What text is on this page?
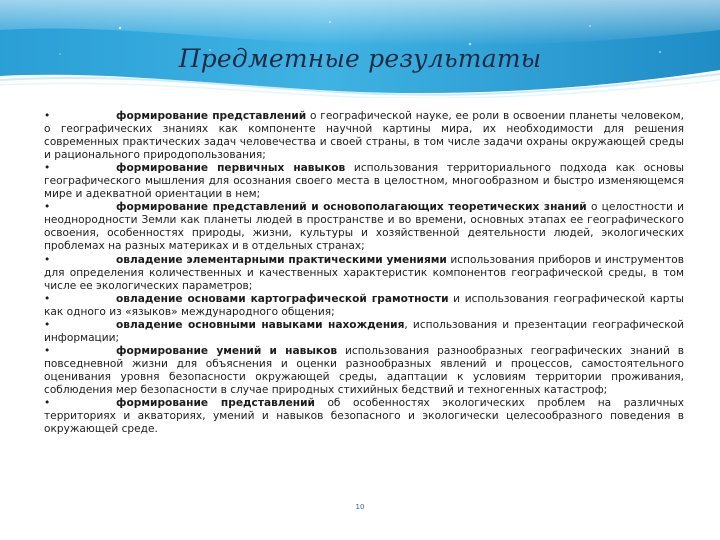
Предметные результаты

•	формирование представлений о географической науке, ее роли в освоении планеты человеком, о географических знаниях как компоненте научной картины мира, их необходимости для решения современных практических задач человечества и своей страны, в том числе задачи охраны окружающей среды и рационального природопользования;

•	формирование первичных навыков использования территориального подхода как основы географического мышления для осознания своего места в целостном, многообразном и быстро изменяющемся мире и адекватной ориентации в нем;

•	формирование представлений и основополагающих теоретических знаний о целостности и неоднородности Земли как планеты людей в пространстве и во времени, основных этапах ее географического освоения, особенностях природы, жизни, культуры и хозяйственной деятельности людей, экологических проблемах на разных материках и в отдельных странах;

•	овладение элементарными практическими умениями использования приборов и инструментов для определения количественных и качественных характеристик компонентов географической среды, в том числе ее экологических параметров;

•	овладение основами картографической грамотности и использования географической карты как одного из «языков» международного общения;

•	овладение основными навыками нахождения, использования и презентации географической информации;

•	формирование умений и навыков использования разнообразных географических знаний в повседневной жизни для объяснения и оценки разнообразных явлений и процессов, самостоятельного оценивания уровня безопасности окружающей среды, адаптации к условиям территории проживания, соблюдения мер безопасности в случае природных стихийных бедствий и техногенных катастроф;

•	формирование представлений об особенностях экологических проблем на различных территориях и акваториях, умений и навыков безопасного и экологически целесообразного поведения в окружающей среде.

10
